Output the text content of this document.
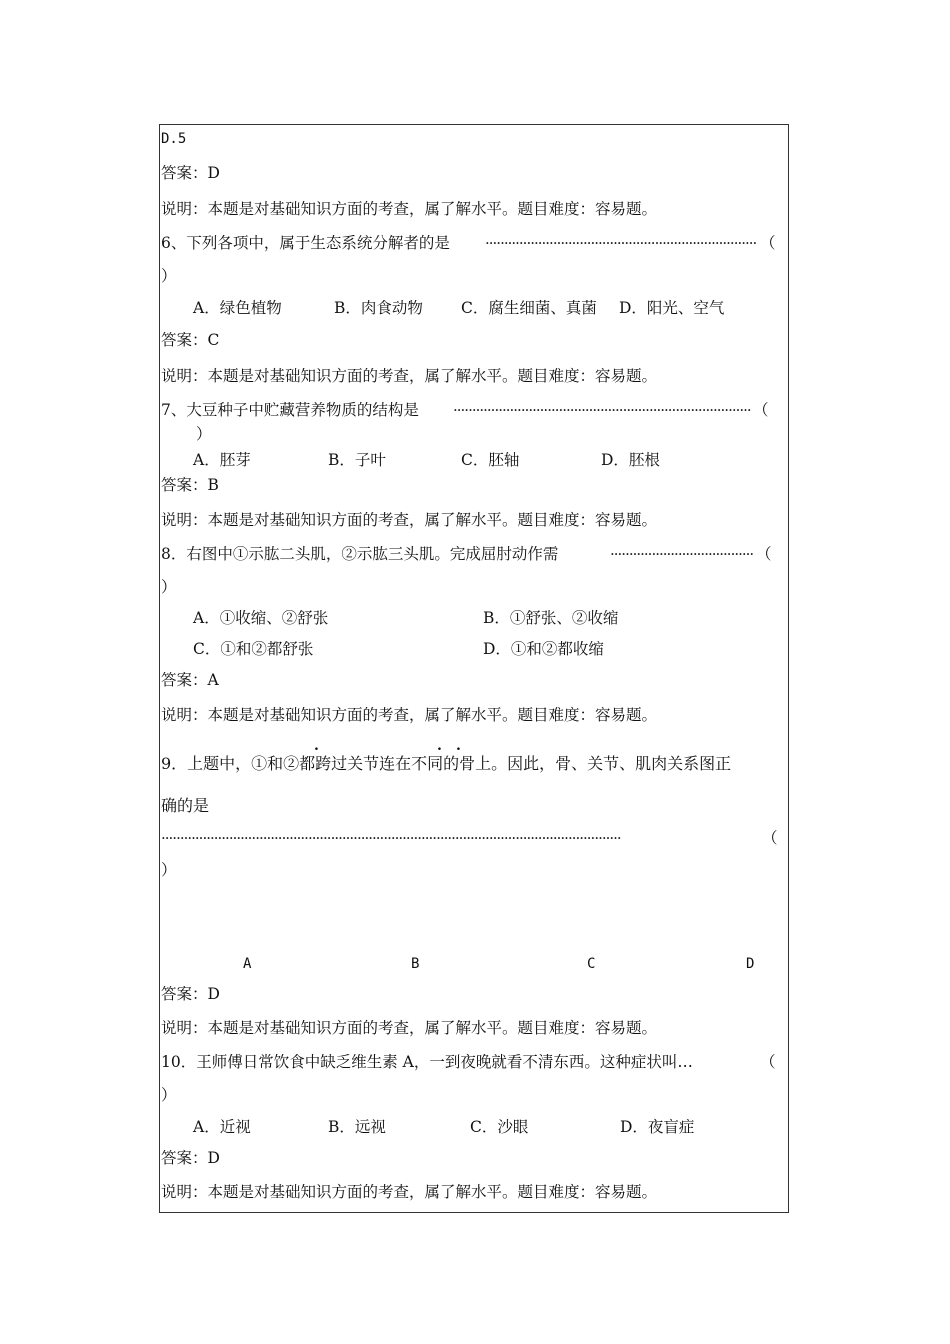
D.5
答案：D
说明：本题是对基础知识方面的考查，属了解水平。题目难度：容易题。
6、下列各项中，属于生态系统分解者的是 ·····	（
）
A．绿色植物	B．肉食动物 C．腐生细菌、真菌 D．阳光、空气
答案：C
说明：本题是对基础知识方面的考查，属了解水平。题目难度：容易题。
7、大豆种子中贮藏营养物质的结构是 ·····	（
）
A．胚芽	B．子叶	C．胚轴	D．胚根
答案：B
说明：本题是对基础知识方面的考查，属了解水平。题目难度：容易题。
8．右图中①示肱二头肌，②示肱三头肌。完成屈肘动作需 ·····	（
）
A．①收缩、②舒张	B．①舒张、②收缩
C．①和②都舒张	D．①和②都收缩
答案：A
说明：本题是对基础知识方面的考查，属了解水平。题目难度：容易题。
.	. .
9．上题中，①和②都跨过关节连在不同的骨上。因此，骨、关节、肌肉关系图正
确的是
·····
（
）
A	B	C	D
答案：D
说明：本题是对基础知识方面的考查，属了解水平。题目难度：容易题。
10．王师傅日常饮食中缺乏维生素 A，一到夜晚就看不清东西。这种症状叫…	（
）
A．近视	B．远视	C．沙眼	D．夜盲症
答案：D
说明：本题是对基础知识方面的考查，属了解水平。题目难度：容易题。
